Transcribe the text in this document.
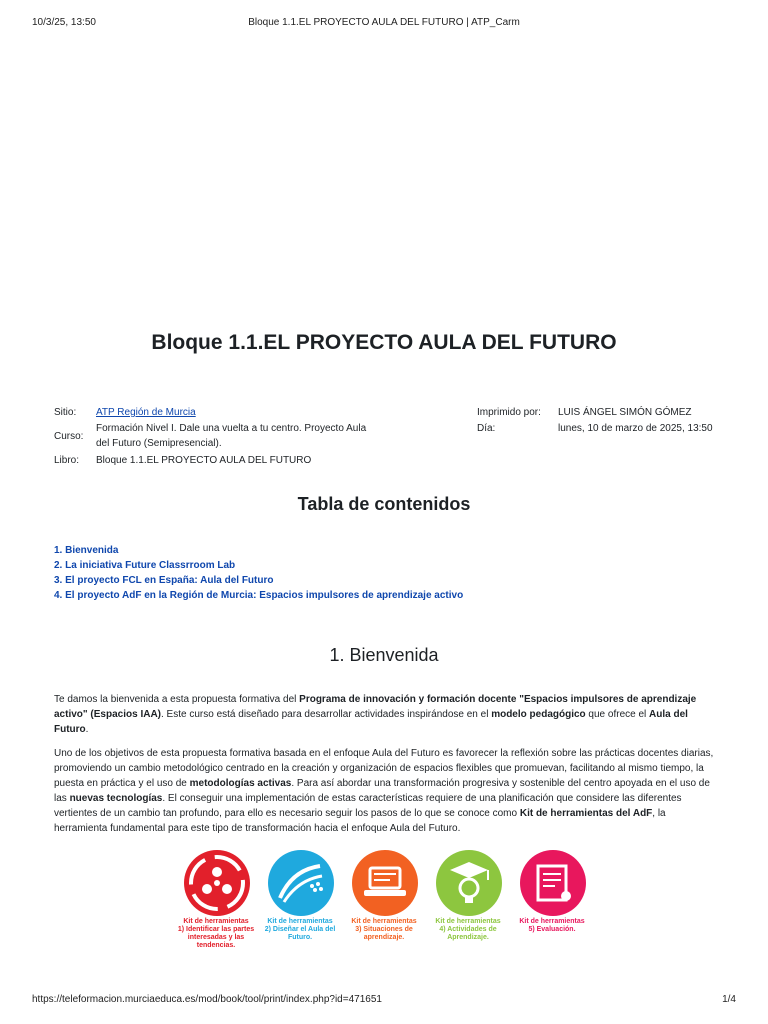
10/3/25, 13:50	Bloque 1.1.EL PROYECTO AULA DEL FUTURO | ATP_Carm
Bloque 1.1.EL PROYECTO AULA DEL FUTURO
Sitio: ATP Región de Murcia
Curso:
Formación Nivel I. Dale una vuelta a tu centro. Proyecto Aula
del Futuro (Semipresencial).
Libro: Bloque 1.1.EL PROYECTO AULA DEL FUTURO
Imprimido por: LUIS ÁNGEL SIMÓN GÓMEZ
Día:	lunes, 10 de marzo de 2025, 13:50
Tabla de contenidos
1. Bienvenida
2. La iniciativa Future Classrroom Lab
3. El proyecto FCL en España: Aula del Futuro
4. El proyecto AdF en la Región de Murcia: Espacios impulsores de aprendizaje activo
1. Bienvenida

Te damos la bienvenida a esta propuesta formativa del Programa de innovación y formación docente "Espacios impulsores de aprendizaje activo" (Espacios IAA). Este curso está diseñado para desarrollar actividades inspirándose en el modelo pedagógico que ofrece el Aula del Futuro.

Uno de los objetivos de esta propuesta formativa basada en el enfoque Aula del Futuro es favorecer la reflexión sobre las prácticas docentes diarias, promoviendo un cambio metodológico centrado en la creación y organización de espacios flexibles que promuevan, facilitando al mismo tiempo, la puesta en práctica y el uso de metodologías activas. Para así abordar una transformación progresiva y sostenible del centro apoyada en el uso de las nuevas tecnologías. El conseguir una implementación de estas características requiere de una planificación que considere las diferentes vertientes de un cambio tan profundo, para ello es necesario seguir los pasos de lo que se conoce como Kit de herramientas del AdF, la herramienta fundamental para este tipo de transformación hacia el enfoque Aula del Futuro.

Kit de herramientas
1) Identificar las partes interesadas y las tendencias.
Kit de herramientas
2) Diseñar el Aula del Futuro.
Kit de herramientas
3) Situaciones de aprendizaje.
Kit de herramientas
4) Actividades de Aprendizaje.
Kit de herramientas
5) Evaluación.
https://teleformacion.murciaeduca.es/mod/book/tool/print/index.php?id=471651	1/4
